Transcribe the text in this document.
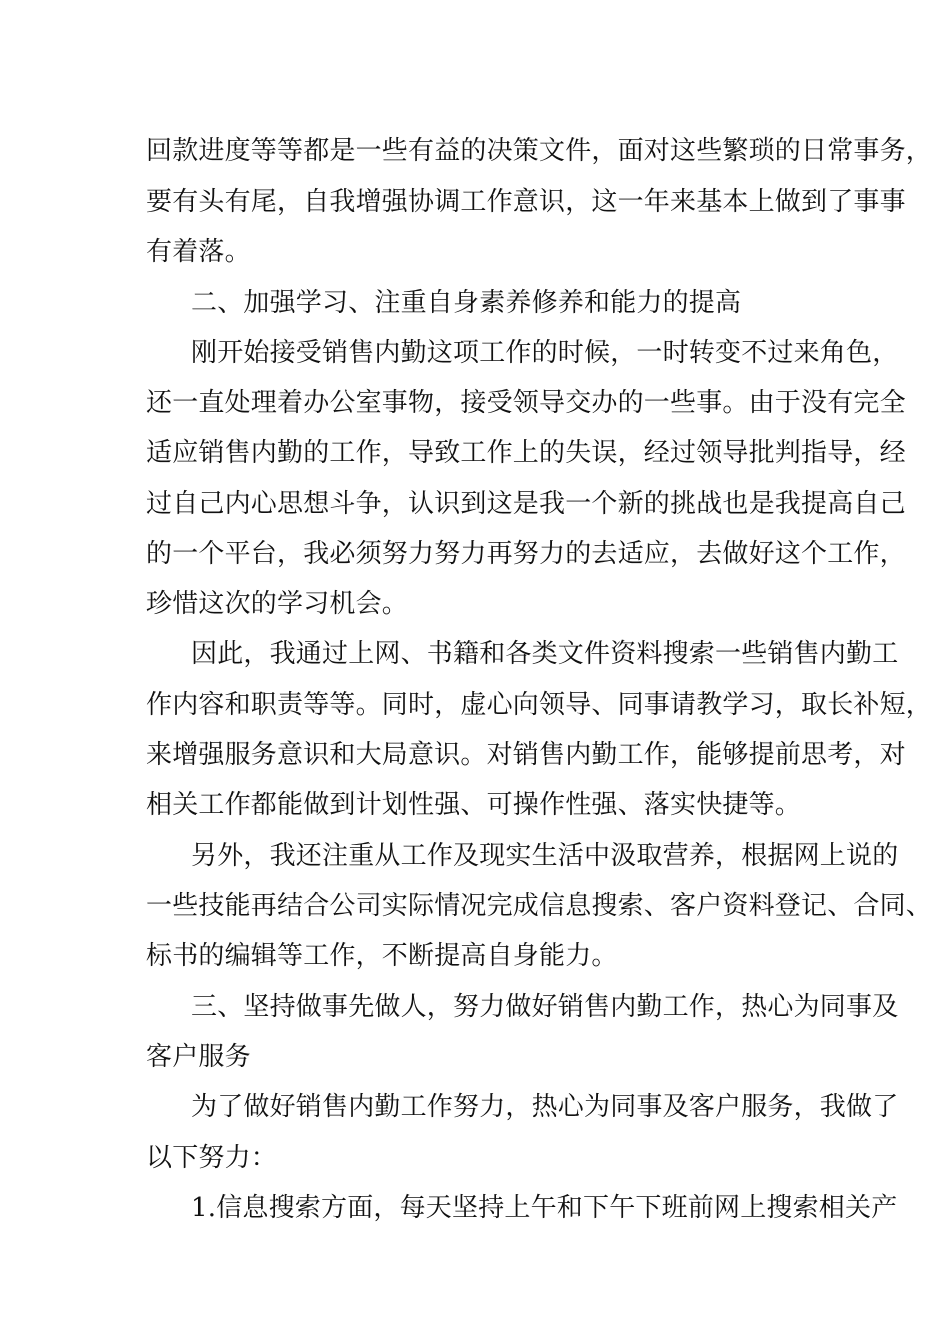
回款进度等等都是一些有益的决策文件，面对这些繁琐的日常事务，
要有头有尾，自我增强协调工作意识，这一年来基本上做到了事事
有着落。
二、加强学习、注重自身素养修养和能力的提高
刚开始接受销售内勤这项工作的时候，一时转变不过来角色，
还一直处理着办公室事物，接受领导交办的一些事。由于没有完全
适应销售内勤的工作，导致工作上的失误，经过领导批判指导，经
过自己内心思想斗争，认识到这是我一个新的挑战也是我提高自己
的一个平台，我必须努力努力再努力的去适应，去做好这个工作，
珍惜这次的学习机会。
因此，我通过上网、书籍和各类文件资料搜索一些销售内勤工
作内容和职责等等。同时，虚心向领导、同事请教学习，取长补短，
来增强服务意识和大局意识。对销售内勤工作，能够提前思考，对
相关工作都能做到计划性强、可操作性强、落实快捷等。
另外，我还注重从工作及现实生活中汲取营养，根据网上说的
一些技能再结合公司实际情况完成信息搜索、客户资料登记、合同、
标书的编辑等工作，不断提高自身能力。
三、坚持做事先做人，努力做好销售内勤工作，热心为同事及
客户服务
为了做好销售内勤工作努力，热心为同事及客户服务，我做了
以下努力：
1.信息搜索方面，每天坚持上午和下午下班前网上搜索相关产
